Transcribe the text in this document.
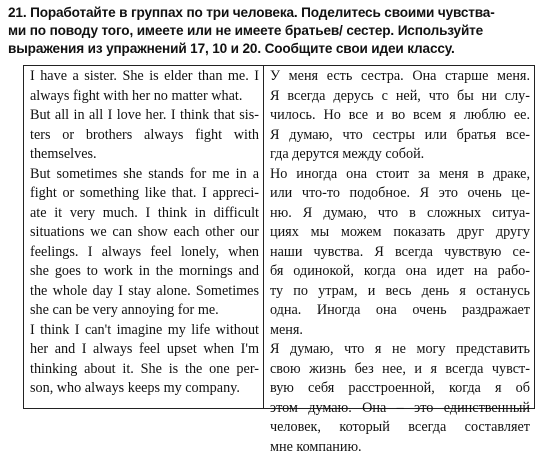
21. Поработайте в группах по три человека. Поделитесь своими чувства-
ми по поводу того, имеете или не имеете братьев/ сестер. Используйте
выражения из упражнений 17, 10 и 20. Сообщите свои идеи классу.
I have a sister. She is elder than me. I
always fight with her no matter what.
But all in all I love her. I think that sis-
ters or brothers always fight with
themselves.
But sometimes she stands for me in a
fight or something like that. I appreci-
ate it very much. I think in difficult
situations we can show each other our
feelings. I always feel lonely, when
she goes to work in the mornings and
the whole day I stay alone. Sometimes
she can be very annoying for me.
I think I can't imagine my life without
her and I always feel upset when I'm
thinking about it. She is the one per-
son, who always keeps my company.
У меня есть сестра. Она старше меня.
Я всегда дерусь с ней, что бы ни слу-
чилось. Но все и во всем я люблю ее.
Я думаю, что сестры или братья все-
гда дерутся между собой.
Но иногда она стоит за меня в драке,
или что-то подобное. Я это очень це-
ню. Я думаю, что в сложных ситуа-
циях мы можем показать друг другу
наши чувства. Я всегда чувствую се-
бя одинокой, когда она идет на рабо-
ту по утрам, и весь день я останусь
одна. Иногда она очень раздражает
меня.
Я думаю, что я не могу представить
свою жизнь без нее, и я всегда чувст-
вую себя расстроенной, когда я об
этом думаю. Она – это единственный
человек, который всегда составляет
мне компанию.
